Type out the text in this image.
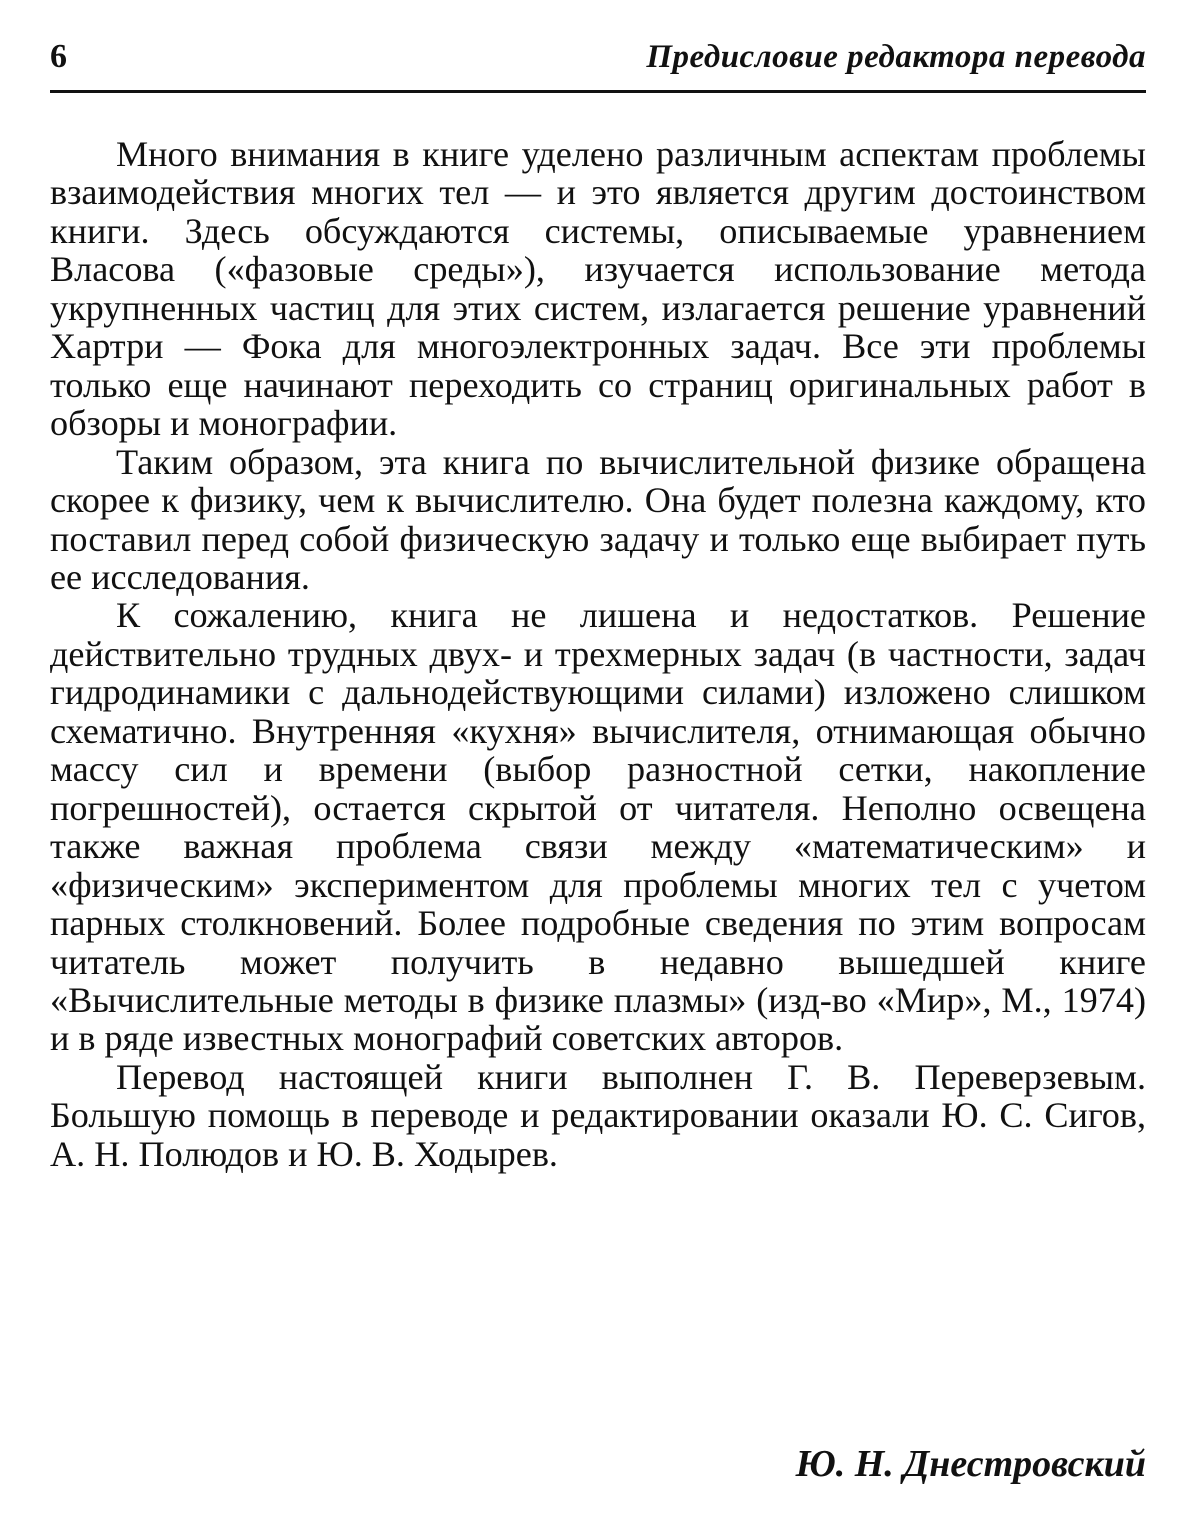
6	Предисловие редактора перевода

Много внимания в книге уделено различным аспектам проблемы взаимодействия многих тел — и это является другим достоинством книги. Здесь обсуждаются системы, описываемые уравнением Власова («фазовые среды»), изучается использование метода укрупненных частиц для этих систем, излагается решение уравнений Хартри — Фока для многоэлектронных задач. Все эти проблемы только еще начинают переходить со страниц оригинальных работ в обзоры и монографии.

Таким образом, эта книга по вычислительной физике обращена скорее к физику, чем к вычислителю. Она будет полезна каждому, кто поставил перед собой физическую задачу и только еще выбирает путь ее исследования.

К сожалению, книга не лишена и недостатков. Решение действительно трудных двух- и трехмерных задач (в частности, задач гидродинамики с дальнодействующими силами) изложено слишком схематично. Внутренняя «кухня» вычислителя, отнимающая обычно массу сил и времени (выбор разностной сетки, накопление погрешностей), остается скрытой от читателя. Неполно освещена также важная проблема связи между «математическим» и «физическим» экспериментом для проблемы многих тел с учетом парных столкновений. Более подробные сведения по этим вопросам читатель может получить в недавно вышедшей книге «Вычислительные методы в физике плазмы» (изд-во «Мир», М., 1974) и в ряде известных монографий советских авторов.

Перевод настоящей книги выполнен Г. В. Переверзевым. Большую помощь в переводе и редактировании оказали Ю. С. Сигов, А. Н. Полюдов и Ю. В. Ходырев.

Ю. Н. Днестровский
